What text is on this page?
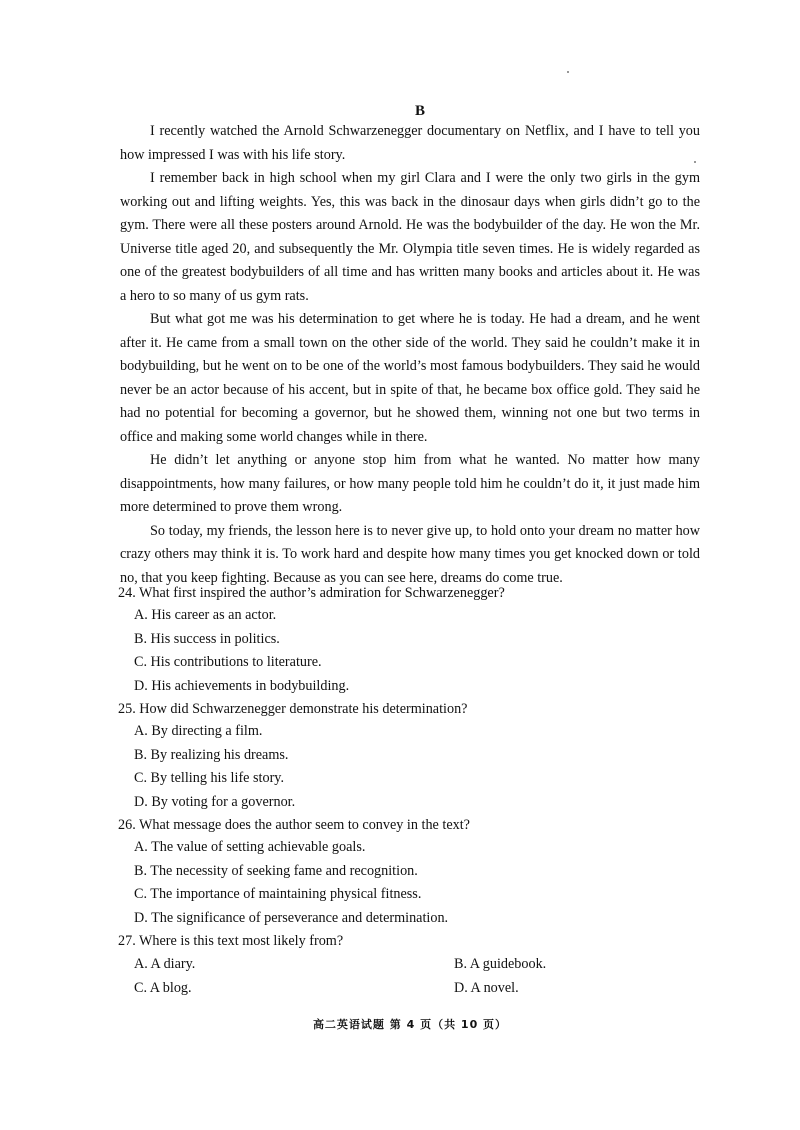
B

I recently watched the Arnold Schwarzenegger documentary on Netflix, and I have to tell you how impressed I was with his life story.

I remember back in high school when my girl Clara and I were the only two girls in the gym working out and lifting weights. Yes, this was back in the dinosaur days when girls didn’t go to the gym. There were all these posters around Arnold. He was the bodybuilder of the day. He won the Mr. Universe title aged 20, and subsequently the Mr. Olympia title seven times. He is widely regarded as one of the greatest bodybuilders of all time and has written many books and articles about it. He was a hero to so many of us gym rats.

But what got me was his determination to get where he is today. He had a dream, and he went after it. He came from a small town on the other side of the world. They said he couldn’t make it in bodybuilding, but he went on to be one of the world’s most famous bodybuilders. They said he would never be an actor because of his accent, but in spite of that, he became box office gold. They said he had no potential for becoming a governor, but he showed them, winning not one but two terms in office and making some world changes while in there.

He didn’t let anything or anyone stop him from what he wanted. No matter how many disappointments, how many failures, or how many people told him he couldn’t do it, it just made him more determined to prove them wrong.

So today, my friends, the lesson here is to never give up, to hold onto your dream no matter how crazy others may think it is. To work hard and despite how many times you get knocked down or told no, that you keep fighting. Because as you can see here, dreams do come true.

24. What first inspired the author’s admiration for Schwarzenegger?
A. His career as an actor.
B. His success in politics.
C. His contributions to literature.
D. His achievements in bodybuilding.
25. How did Schwarzenegger demonstrate his determination?
A. By directing a film.
B. By realizing his dreams.
C. By telling his life story.
D. By voting for a governor.
26. What message does the author seem to convey in the text?
A. The value of setting achievable goals.
B. The necessity of seeking fame and recognition.
C. The importance of maintaining physical fitness.
D. The significance of perseverance and determination.
27. Where is this text most likely from?
A. A diary.	B. A guidebook.
C. A blog.	D. A novel.
高二英语试题 第 4 页（共 10 页）
